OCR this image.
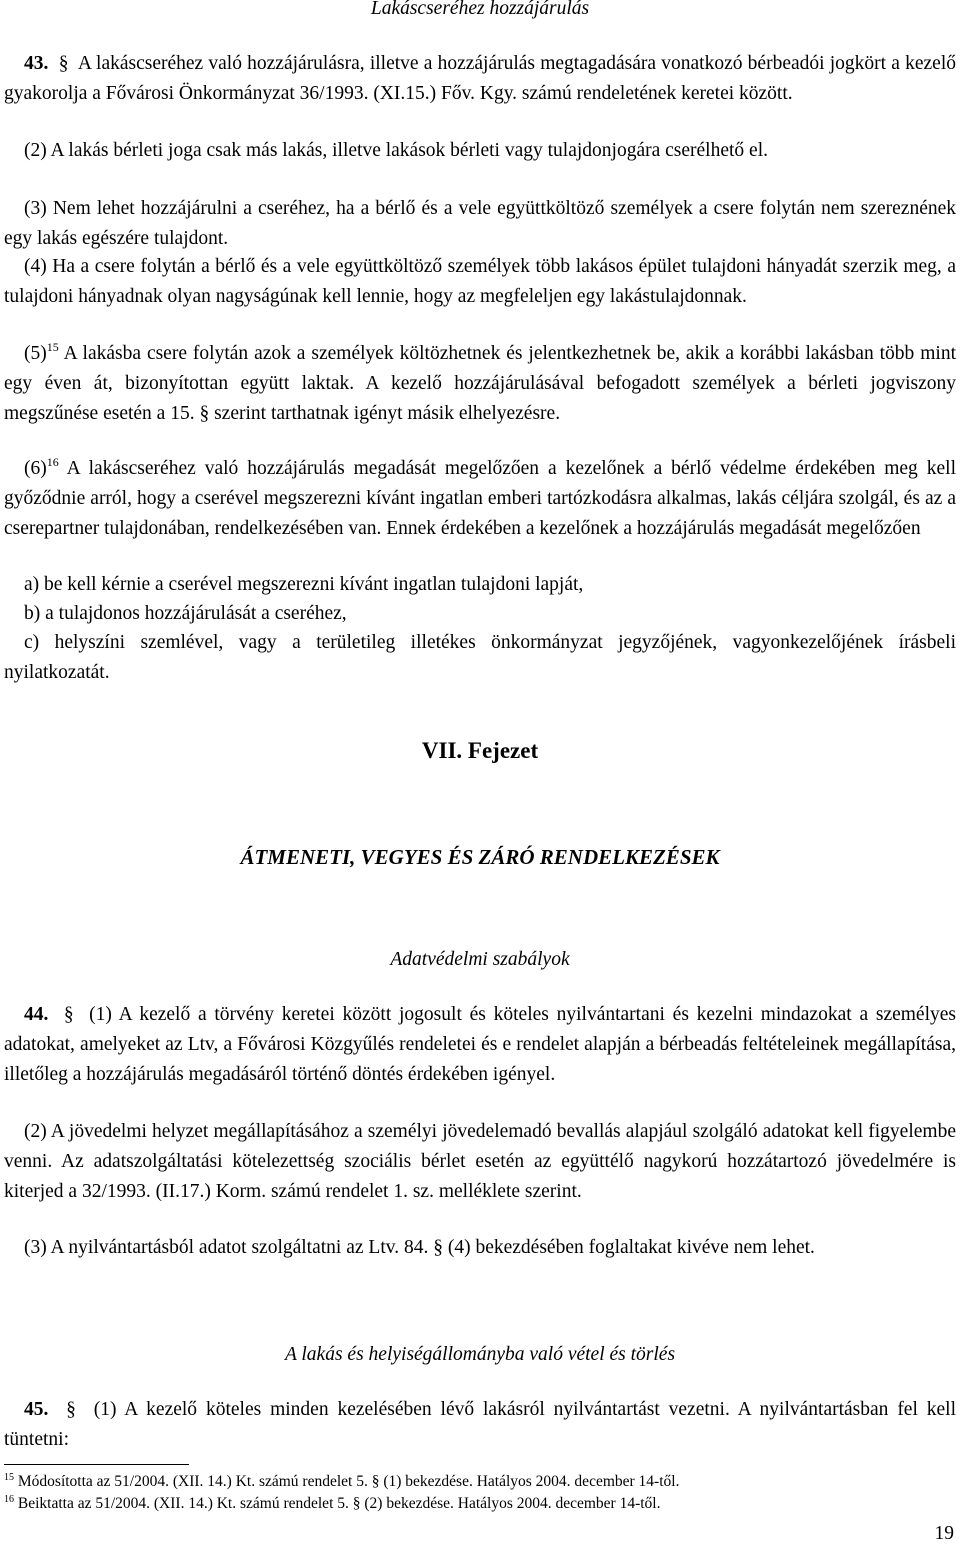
Lakáscseréhez hozzájárulás

43. § A lakáscseréhez való hozzájárulásra, illetve a hozzájárulás megtagadására vonatkozó bérbeadói jogkört a kezelő gyakorolja a Fővárosi Önkormányzat 36/1993. (XI.15.) Főv. Kgy. számú rendeletének keretei között.

(2) A lakás bérleti joga csak más lakás, illetve lakások bérleti vagy tulajdonjogára cserélhető el.

(3) Nem lehet hozzájárulni a cseréhez, ha a bérlő és a vele együttköltöző személyek a csere folytán nem szereznének egy lakás egészére tulajdont.

(4) Ha a csere folytán a bérlő és a vele együttköltöző személyek több lakásos épület tulajdoni hányadát szerzik meg, a tulajdoni hányadnak olyan nagyságúnak kell lennie, hogy az megfeleljen egy lakástulajdonnak.

$(5)^{15}$ A lakásba csere folytán azok a személyek költözhetnek és jelentkezhetnek be, akik a korábbi lakásban több mint egy éven át, bizonyítottan együtt laktak. A kezelő hozzájárulásával befogadott személyek a bérleti jogviszony megszűnése esetén a 15. § szerint tarthatnak igényt másik elhelyezésre.

$(6)^{16}$ A lakáscseréhez való hozzájárulás megadását megelőzően a kezelőnek a bérlő védelme érdekében meg kell győződnie arról, hogy a cserével megszerezni kívánt ingatlan emberi tartózkodásra alkalmas, lakás céljára szolgál, és az a cserepartner tulajdonában, rendelkezésében van. Ennek érdekében a kezelőnek a hozzájárulás megadását megelőzően

a) be kell kérnie a cserével megszerezni kívánt ingatlan tulajdoni lapját,

b) a tulajdonos hozzájárulását a cseréhez,

c) helyszíni szemlével, vagy a területileg illetékes önkormányzat jegyzőjének, vagyonkezelőjének írásbeli nyilatkozatát.

VII. Fejezet

ÁTMENETI, VEGYES ÉS ZÁRÓ RENDELKEZÉSEK

Adatvédelmi szabályok

44. § (1) A kezelő a törvény keretei között jogosult és köteles nyilvántartani és kezelni mindazokat a személyes adatokat, amelyeket az Ltv, a Fővárosi Közgyűlés rendeletei és e rendelet alapján a bérbeadás feltételeinek megállapítása, illetőleg a hozzájárulás megadásáról történő döntés érdekében igényel.

(2) A jövedelmi helyzet megállapításához a személyi jövedelemadó bevallás alapjául szolgáló adatokat kell figyelembe venni. Az adatszolgáltatási kötelezettség szociális bérlet esetén az együttélő nagykorú hozzátartozó jövedelmére is kiterjed a 32/1993. (II.17.) Korm. számú rendelet 1. sz. melléklete szerint.

(3) A nyilvántartásból adatot szolgáltatni az Ltv. 84. § (4) bekezdésében foglaltakat kivéve nem lehet.

A lakás és helyiségállományba való vétel és törlés

45. § (1) A kezelő köteles minden kezelésében lévő lakásról nyilvántartást vezetni. A nyilvántartásban fel kell tüntetni:

$^{15}$ Módosította az 51/2004. (XII. 14.) Kt. számú rendelet 5. § (1) bekezdése. Hatályos 2004. december 14-től.

$^{16}$ Beiktatta az 51/2004. (XII. 14.) Kt. számú rendelet 5. § (2) bekezdése. Hatályos 2004. december 14-től.

19
